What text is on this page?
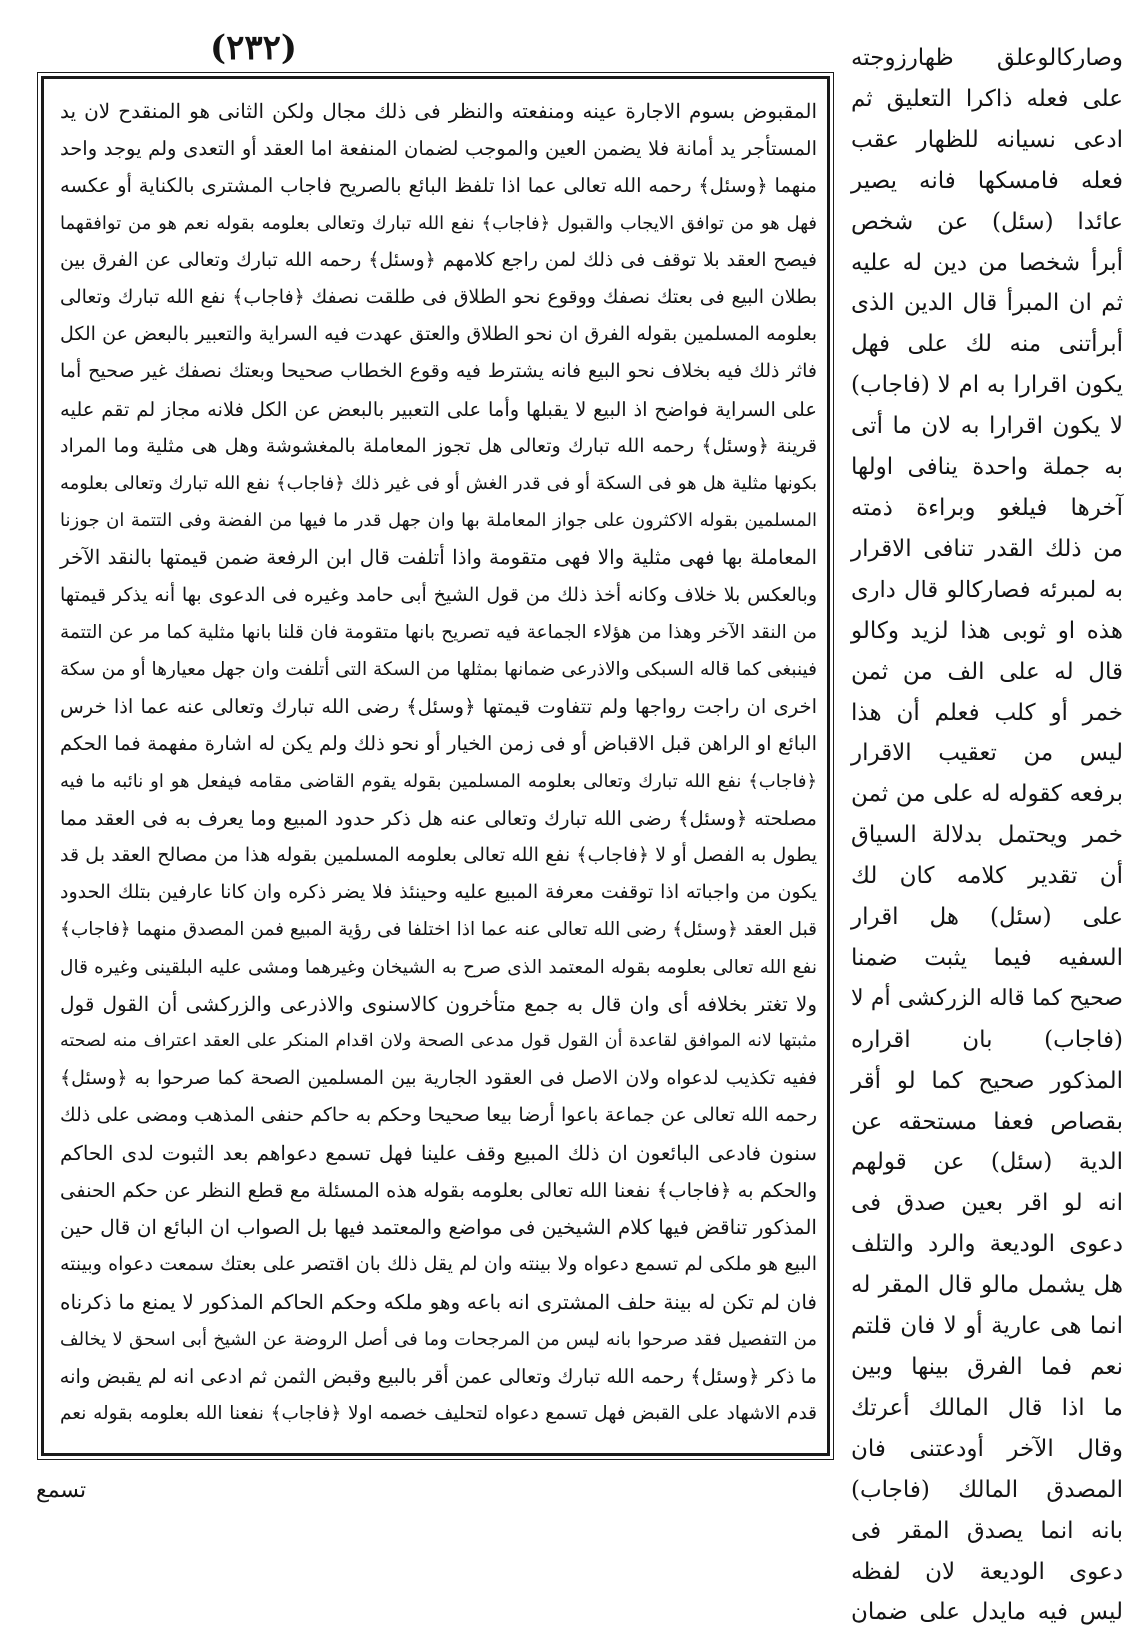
(٢٣٢)	وصاركالوعلق ظهارزوجته
على فعله ذاكرا التعليق ثم
ادعى نسيانه للظهار عقب
فعله فامسكها فانه يصير
عائدا (سئل) عن شخص
أبرأ شخصا من دين له عليه
ثم ان المبرأ قال الدين الذى
أبرأتنى منه لك على فهل
يكون اقرارا به ام لا (فاجاب)
لا يكون اقرارا به لان ما أتى
به جملة واحدة ينافى اولها
آخرها فيلغو وبراءة ذمته
من ذلك القدر تنافى الاقرار
به لمبرئه فصاركالو قال دارى
هذه او ثوبى هذا لزيد وكالو
قال له على الف من ثمن
خمر أو كلب فعلم أن هذا
ليس من تعقيب الاقرار
برفعه كقوله له على من ثمن
خمر ويحتمل بدلالة السياق
أن تقدير كلامه كان لك
على (سئل) هل اقرار
السفيه فيما يثبت ضمنا
صحيح كما قاله الزركشى أم لا
(فاجاب) بان اقراره
المذكور صحيح كما لو أقر
بقصاص فعفا مستحقه عن
الدية (سئل) عن قولهم
انه لو اقر بعين صدق فى
دعوى الوديعة والرد والتلف
هل يشمل مالو قال المقر له
انما هى عارية أو لا فان قلتم
نعم فما الفرق بينها وبين
ما اذا قال المالك أعرتك
وقال الآخر أودعتنى فان
المصدق المالك (فاجاب)
بانه انما يصدق المقر فى
دعوى الوديعة لان لفظه
ليس فيه مايدل على ضمان
المقبوض بسوم الاجارة عينه ومنفعته والنظر فى ذلك مجال ولكن الثانى هو المنقدح لان يد
المستأجر يد أمانة فلا يضمن العين والموجب لضمان المنفعة اما العقد أو التعدى ولم يوجد واحد
منهما ﴿وسئل﴾ رحمه الله تعالى عما اذا تلفظ البائع بالصريح فاجاب المشترى بالكناية أو عكسه
فهل هو من توافق الايجاب والقبول ﴿فاجاب﴾ نفع الله تبارك وتعالى بعلومه بقوله نعم هو من توافقهما
فيصح العقد بلا توقف فى ذلك لمن راجع كلامهم ﴿وسئل﴾ رحمه الله تبارك وتعالى عن الفرق بين
بطلان البيع فى بعتك نصفك ووقوع نحو الطلاق فى طلقت نصفك ﴿فاجاب﴾ نفع الله تبارك وتعالى
بعلومه المسلمين بقوله الفرق ان نحو الطلاق والعتق عهدت فيه السراية والتعبير بالبعض عن الكل
فاثر ذلك فيه بخلاف نحو البيع فانه يشترط فيه وقوع الخطاب صحيحا وبعتك نصفك غير صحيح أما
على السراية فواضح اذ البيع لا يقبلها وأما على التعبير بالبعض عن الكل فلانه مجاز لم تقم عليه
قرينة ﴿وسئل﴾ رحمه الله تبارك وتعالى هل تجوز المعاملة بالمغشوشة وهل هى مثلية وما المراد
بكونها مثلية هل هو فى السكة أو فى قدر الغش أو فى غير ذلك ﴿فاجاب﴾ نفع الله تبارك وتعالى بعلومه
المسلمين بقوله الاكثرون على جواز المعاملة بها وان جهل قدر ما فيها من الفضة وفى التتمة ان جوزنا
المعاملة بها فهى مثلية والا فهى متقومة واذا أتلفت قال ابن الرفعة ضمن قيمتها بالنقد الآخر
وبالعكس بلا خلاف وكانه أخذ ذلك من قول الشيخ أبى حامد وغيره فى الدعوى بها أنه يذكر قيمتها
من النقد الآخر وهذا من هؤلاء الجماعة فيه تصريح بانها متقومة فان قلنا بانها مثلية كما مر عن التتمة
فينبغى كما قاله السبكى والاذرعى ضمانها بمثلها من السكة التى أتلفت وان جهل معيارها أو من سكة
اخرى ان راجت رواجها ولم تتفاوت قيمتها ﴿وسئل﴾ رضى الله تبارك وتعالى عنه عما اذا خرس
البائع او الراهن قبل الاقباض أو فى زمن الخيار أو نحو ذلك ولم يكن له اشارة مفهمة فما الحكم
﴿فاجاب﴾ نفع الله تبارك وتعالى بعلومه المسلمين بقوله يقوم القاضى مقامه فيفعل هو او نائبه ما فيه
مصلحته ﴿وسئل﴾ رضى الله تبارك وتعالى عنه هل ذكر حدود المبيع وما يعرف به فى العقد مما
يطول به الفصل أو لا ﴿فاجاب﴾ نفع الله تعالى بعلومه المسلمين بقوله هذا من مصالح العقد بل قد
يكون من واجباته اذا توقفت معرفة المبيع عليه وحينئذ فلا يضر ذكره وان كانا عارفين بتلك الحدود
قبل العقد ﴿وسئل﴾ رضى الله تعالى عنه عما اذا اختلفا فى رؤية المبيع فمن المصدق منهما ﴿فاجاب﴾
نفع الله تعالى بعلومه بقوله المعتمد الذى صرح به الشيخان وغيرهما ومشى عليه البلقينى وغيره قال
ولا تغتر بخلافه أى وان قال به جمع متأخرون كالاسنوى والاذرعى والزركشى أن القول قول
مثبتها لانه الموافق لقاعدة أن القول قول مدعى الصحة ولان اقدام المنكر على العقد اعتراف منه لصحته
ففيه تكذيب لدعواه ولان الاصل فى العقود الجارية بين المسلمين الصحة كما صرحوا به ﴿وسئل﴾
رحمه الله تعالى عن جماعة باعوا أرضا بيعا صحيحا وحكم به حاكم حنفى المذهب ومضى على ذلك
سنون فادعى البائعون ان ذلك المبيع وقف علينا فهل تسمع دعواهم بعد الثبوت لدى الحاكم
والحكم به ﴿فاجاب﴾ نفعنا الله تعالى بعلومه بقوله هذه المسئلة مع قطع النظر عن حكم الحنفى
المذكور تناقض فيها كلام الشيخين فى مواضع والمعتمد فيها بل الصواب ان البائع ان قال حين
البيع هو ملكى لم تسمع دعواه ولا بينته وان لم يقل ذلك بان اقتصر على بعتك سمعت دعواه وبينته
فان لم تكن له بينة حلف المشترى انه باعه وهو ملكه وحكم الحاكم المذكور لا يمنع ما ذكرناه
من التفصيل فقد صرحوا بانه ليس من المرجحات وما فى أصل الروضة عن الشيخ أبى اسحق لا يخالف
ما ذكر ﴿وسئل﴾ رحمه الله تبارك وتعالى عمن أقر بالبيع وقبض الثمن ثم ادعى انه لم يقبض وانه
قدم الاشهاد على القبض فهل تسمع دعواه لتحليف خصمه اولا ﴿فاجاب﴾ نفعنا الله بعلومه بقوله نعم
تسمع
